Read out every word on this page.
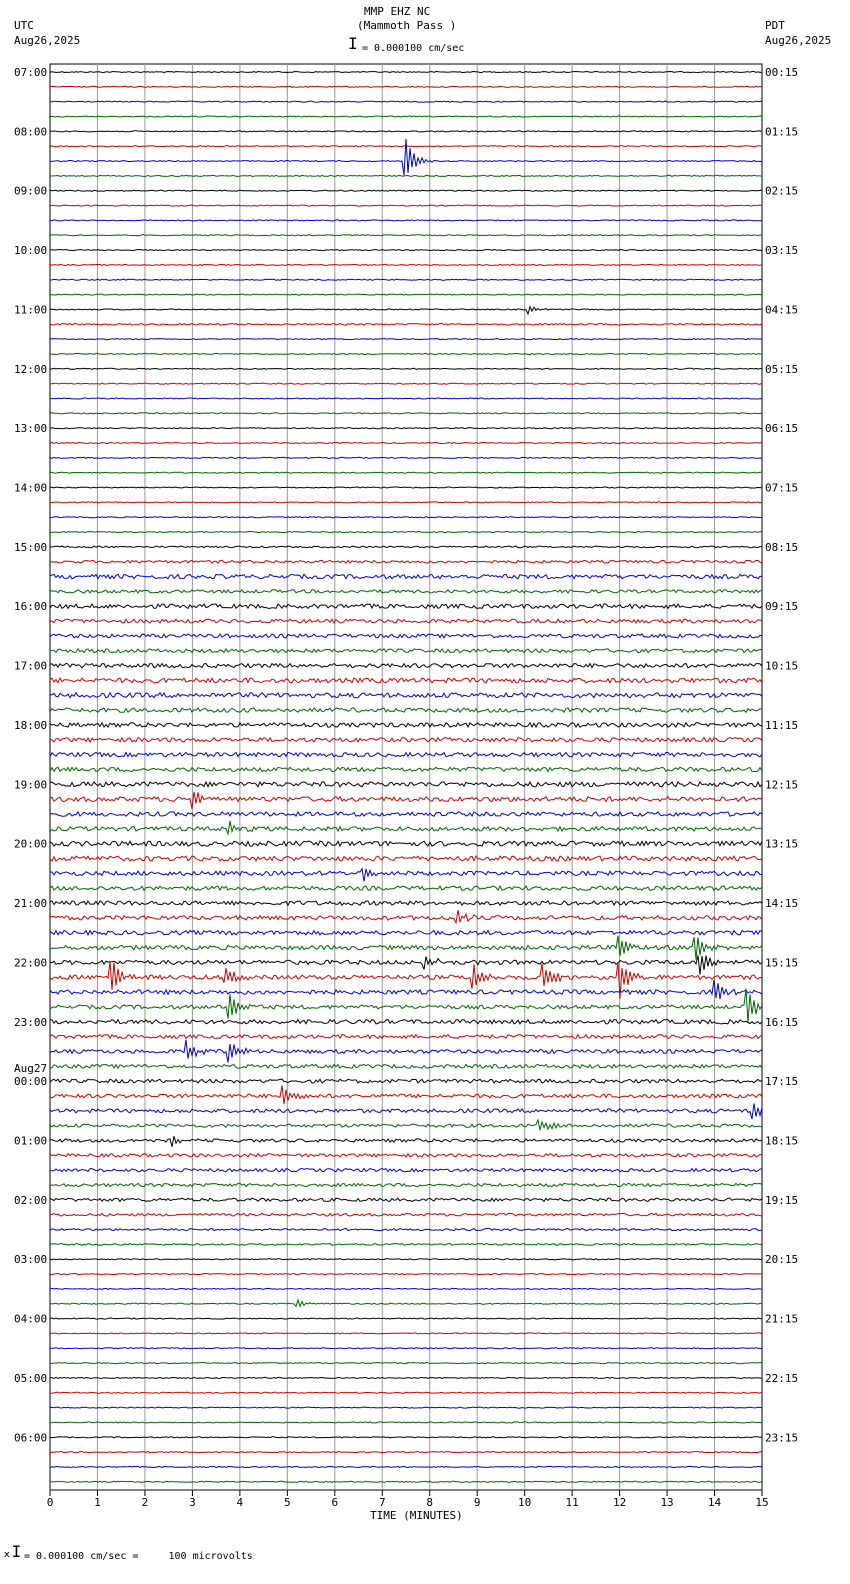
MMP EHZ NC
(Mammoth Pass )
I = 0.000100 cm/sec
UTC
Aug26,2025
PDT
Aug26,2025
0	1	2	3	4	5	6	7	8	9	10	11	12	13	14	15
07:00	00:15
08:00	01:15
09:00	02:15
10:00	03:15
11:00	04:15
12:00	05:15
13:00	06:15
14:00	07:15
15:00	08:15
16:00	09:15
17:00	10:15
18:00	11:15
19:00	12:15
20:00	13:15
21:00	14:15
22:00	15:15
23:00	16:15
00:00	17:15
01:00	18:15
02:00	19:15
03:00	20:15
04:00	21:15
05:00	22:15
06:00	23:15
Aug27
TIME (MINUTES)
ₓI = 0.000100 cm/sec =     100 microvolts
